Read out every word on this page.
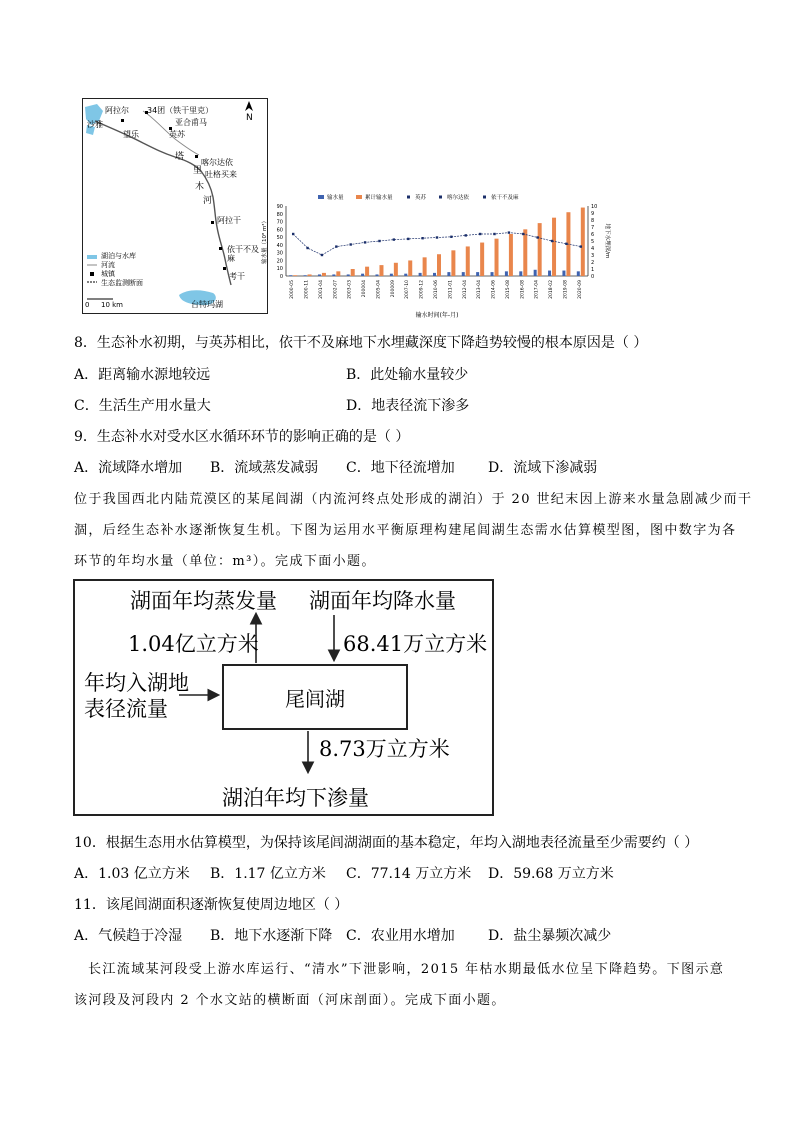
阿拉尔 34团（铁干里克）
沙雅
N
亚合甫马
英苏
望乐
喀尔达依
吐格买来
阿拉干
依干不及麻
考干
台特玛湖
塔
里
木
河
湖泊与水库
河流
城镇
生态监测断面
0 10 km
0
10
20
30
40
50
60
70
80
90
0
1
2
3
4
5
6
7
8
9
10
2000-05 2000-11 2001-04 2002-07 2003-03 200004 2005-04 200009 2007-10 2009-12 2010-06 2011-01 2012-04 2013-04 2014-06 2015-08 2016-08 2017-04 2018-02 2019-08 2020-09
输水量	累计输水量	英苏	喀尔达依	依干不及麻
输水时间(年-月)
输水量（10⁸ m³）	地下水埋深/m
8．生态补水初期，与英苏相比，依干不及麻地下水埋藏深度下降趋势较慢的根本原因是（ ）
A．距离输水源地较远	B．此处输水量较少
C．生活生产用水量大	D．地表径流下渗多
9．生态补水对受水区水循环环节的影响正确的是（ ）
A．流域降水增加 B．流域蒸发减弱 C．地下径流增加 D．流域下渗减弱
位于我国西北内陆荒漠区的某尾闾湖（内流河终点处形成的湖泊）于 20 世纪末因上游来水量急剧减少而干
涸，后经生态补水逐渐恢复生机。下图为运用水平衡原理构建尾闾湖生态需水估算模型图，图中数字为各
环节的年均水量（单位：m³）。完成下面小题。
湖面年均蒸发量 湖面年均降水量
1.04亿立方米	68.41万立方米
年均入湖地
表径流量	尾闾湖
8.73万立方米
湖泊年均下渗量
10．根据生态用水估算模型，为保持该尾闾湖湖面的基本稳定，年均入湖地表径流量至少需要约（ ）
A．1.03 亿立方米 B．1.17 亿立方米 C．77.14 万立方米 D．59.68 万立方米
11．该尾闾湖面积逐渐恢复使周边地区（ ）
A．气候趋于冷湿 B．地下水逐渐下降 C．农业用水增加 D．盐尘暴频次减少
长江流域某河段受上游水库运行、“清水”下泄影响，2015 年枯水期最低水位呈下降趋势。下图示意
该河段及河段内 2 个水文站的横断面（河床剖面）。完成下面小题。
